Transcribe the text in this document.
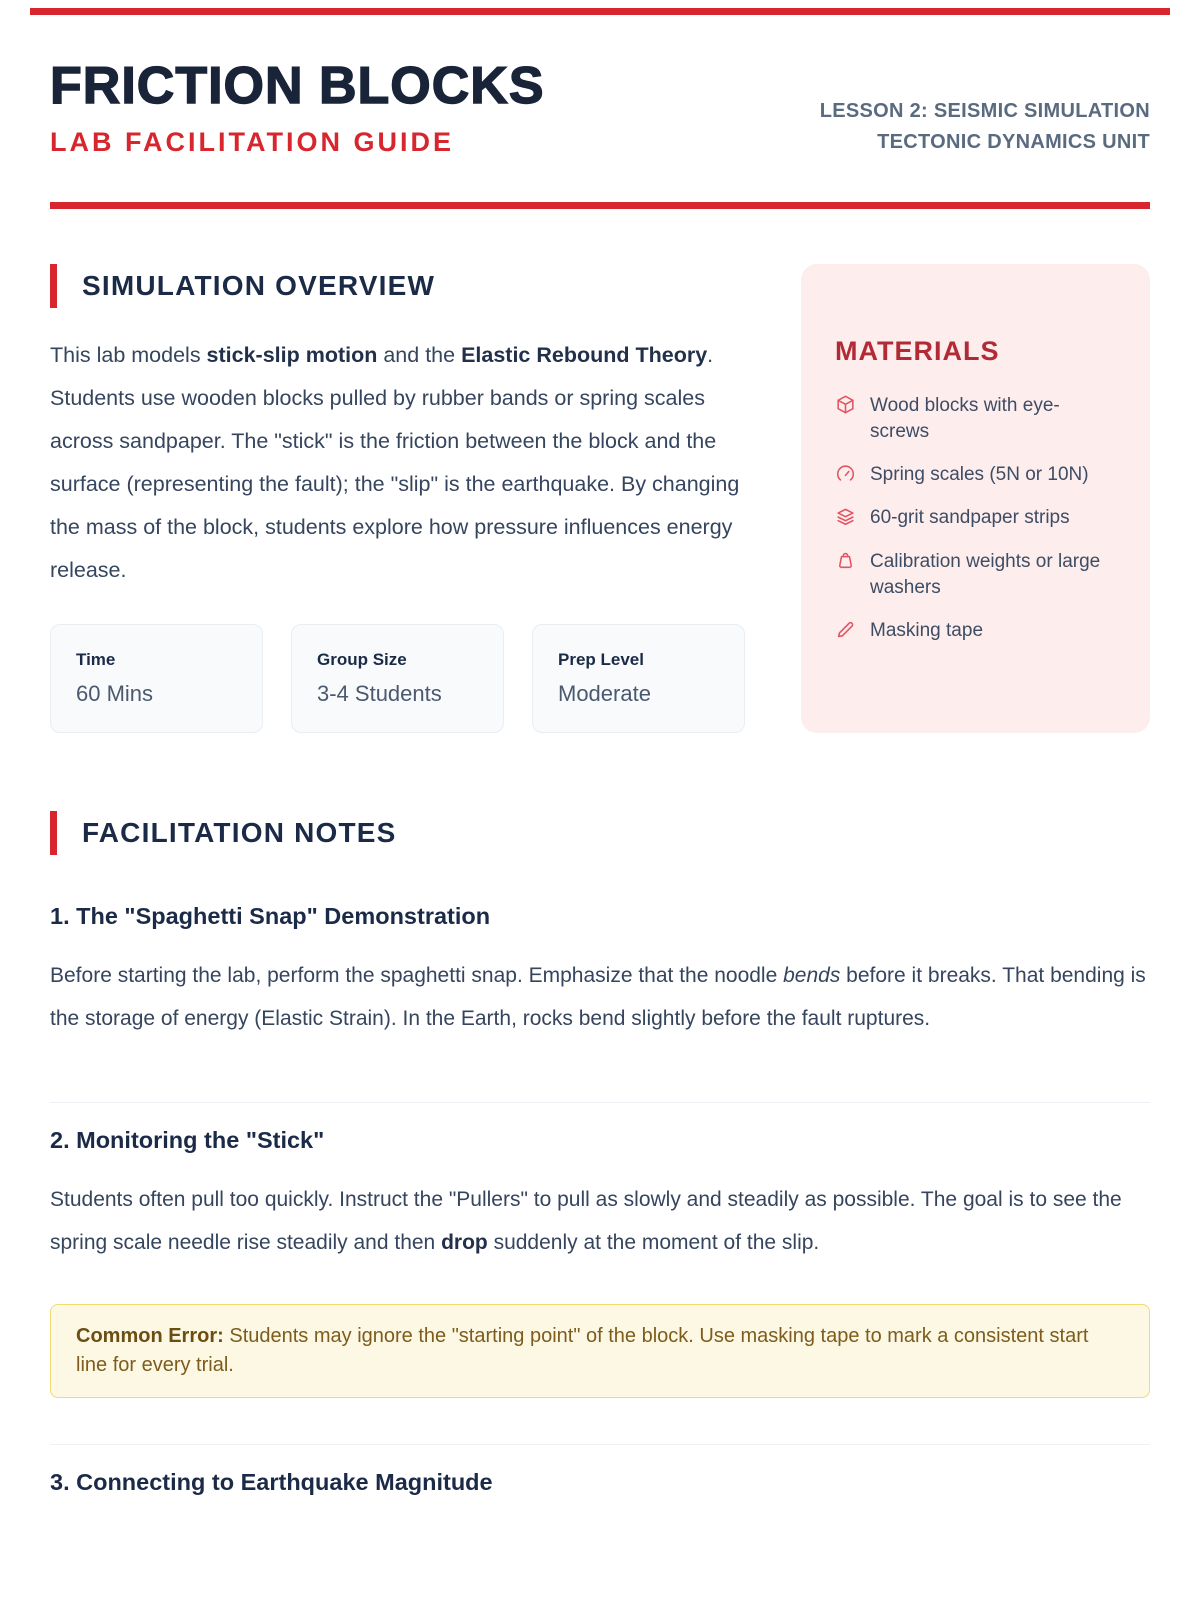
FRICTION BLOCKS
LAB FACILITATION GUIDE
LESSON 2: SEISMIC SIMULATION
TECTONIC DYNAMICS UNIT
SIMULATION OVERVIEW

This lab models stick-slip motion and the Elastic Rebound Theory. Students use wooden blocks pulled by rubber bands or spring scales across sandpaper. The "stick" is the friction between the block and the surface (representing the fault); the "slip" is the earthquake. By changing the mass of the block, students explore how pressure influences energy release.

Time
60 Mins
Group Size
3-4 Students
Prep Level
Moderate
MATERIALS
Wood blocks with eye-screws
Spring scales (5N or 10N)
60-grit sandpaper strips
Calibration weights or large washers
Masking tape
FACILITATION NOTES
1. The "Spaghetti Snap" Demonstration

Before starting the lab, perform the spaghetti snap. Emphasize that the noodle bends before it breaks. That bending is the storage of energy (Elastic Strain). In the Earth, rocks bend slightly before the fault ruptures.

2. Monitoring the "Stick"

Students often pull too quickly. Instruct the "Pullers" to pull as slowly and steadily as possible. The goal is to see the spring scale needle rise steadily and then drop suddenly at the moment of the slip.

Common Error: Students may ignore the "starting point" of the block. Use masking tape to mark a consistent start line for every trial.
3. Connecting to Earthquake Magnitude
